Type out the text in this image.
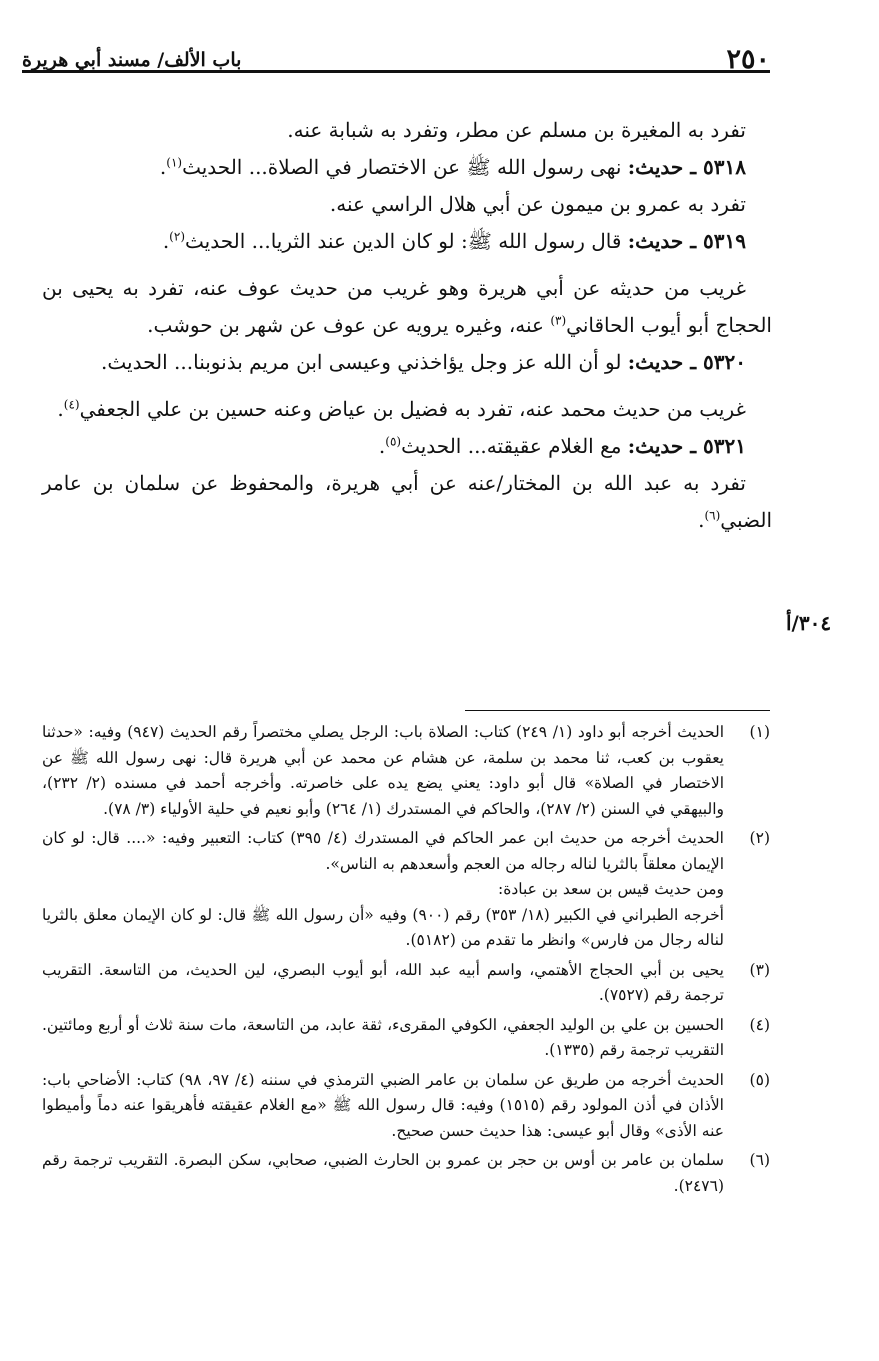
٢٥٠
باب الألف/ مسند أبي هريرة
٣٠٤/أ

تفرد به المغيرة بن مسلم عن مطر، وتفرد به شبابة عنه.

٥٣١٨ ـ حديث: نهى رسول الله ﷺ عن الاختصار في الصلاة... الحديث$^{(١)}$.

تفرد به عمرو بن ميمون عن أبي هلال الراسي عنه.

٥٣١٩ ـ حديث: قال رسول الله ﷺ: لو كان الدين عند الثريا... الحديث$^{(٢)}$.

غريب من حديثه عن أبي هريرة وهو غريب من حديث عوف عنه، تفرد به يحيى بن الحجاج أبو أيوب الحاقاني$^{(٣)}$ عنه، وغيره يرويه عن عوف عن شهر بن حوشب.

٥٣٢٠ ـ حديث: لو أن الله عز وجل يؤاخذني وعيسى ابن مريم بذنوبنا... الحديث.

غريب من حديث محمد عنه، تفرد به فضيل بن عياض وعنه حسين بن علي الجعفي$^{(٤)}$.

٥٣٢١ ـ حديث: مع الغلام عقيقته... الحديث$^{(٥)}$.

تفرد به عبد الله بن المختار/عنه عن أبي هريرة، والمحفوظ عن سلمان بن عامر الضبي$^{(٦)}$.

(١)

الحديث أخرجه أبو داود (١/ ٢٤٩) كتاب: الصلاة باب: الرجل يصلي مختصراً رقم الحديث (٩٤٧) وفيه: «حدثنا يعقوب بن كعب، ثنا محمد بن سلمة، عن هشام عن محمد عن أبي هريرة قال: نهى رسول الله ﷺ عن الاختصار في الصلاة» قال أبو داود: يعني يضع يده على خاصرته. وأخرجه أحمد في مسنده (٢/ ٢٣٢)، والبيهقي في السنن (٢/ ٢٨٧)، والحاكم في المستدرك (١/ ٢٦٤) وأبو نعيم في حلية الأولياء (٣/ ٧٨).

(٢)

الحديث أخرجه من حديث ابن عمر الحاكم في المستدرك (٤/ ٣٩٥) كتاب: التعبير وفيه: «.... قال: لو كان الإيمان معلقاً بالثريا لناله رجاله من العجم وأسعدهم به الناس».

ومن حديث قيس بن سعد بن عبادة:

أخرجه الطبراني في الكبير (١٨/ ٣٥٣) رقم (٩٠٠) وفيه «أن رسول الله ﷺ قال: لو كان الإيمان معلق بالثريا لناله رجال من فارس» وانظر ما تقدم من (٥١٨٢).

(٣)

يحيى بن أبي الحجاج الأهتمي، واسم أبيه عبد الله، أبو أيوب البصري، لين الحديث، من التاسعة. التقريب ترجمة رقم (٧٥٢٧).

(٤)

الحسين بن علي بن الوليد الجعفي، الكوفي المقرىء، ثقة عابد، من التاسعة، مات سنة ثلاث أو أربع ومائتين. التقريب ترجمة رقم (١٣٣٥).

(٥)

الحديث أخرجه من طريق عن سلمان بن عامر الضبي الترمذي في سننه (٤/ ٩٧، ٩٨) كتاب: الأضاحي باب: الأذان في أذن المولود رقم (١٥١٥) وفيه: قال رسول الله ﷺ «مع الغلام عقيقته فأهريقوا عنه دماً وأميطوا عنه الأذى» وقال أبو عيسى: هذا حديث حسن صحيح.

(٦)

سلمان بن عامر بن أوس بن حجر بن عمرو بن الحارث الضبي، صحابي، سكن البصرة. التقريب ترجمة رقم (٢٤٧٦).
